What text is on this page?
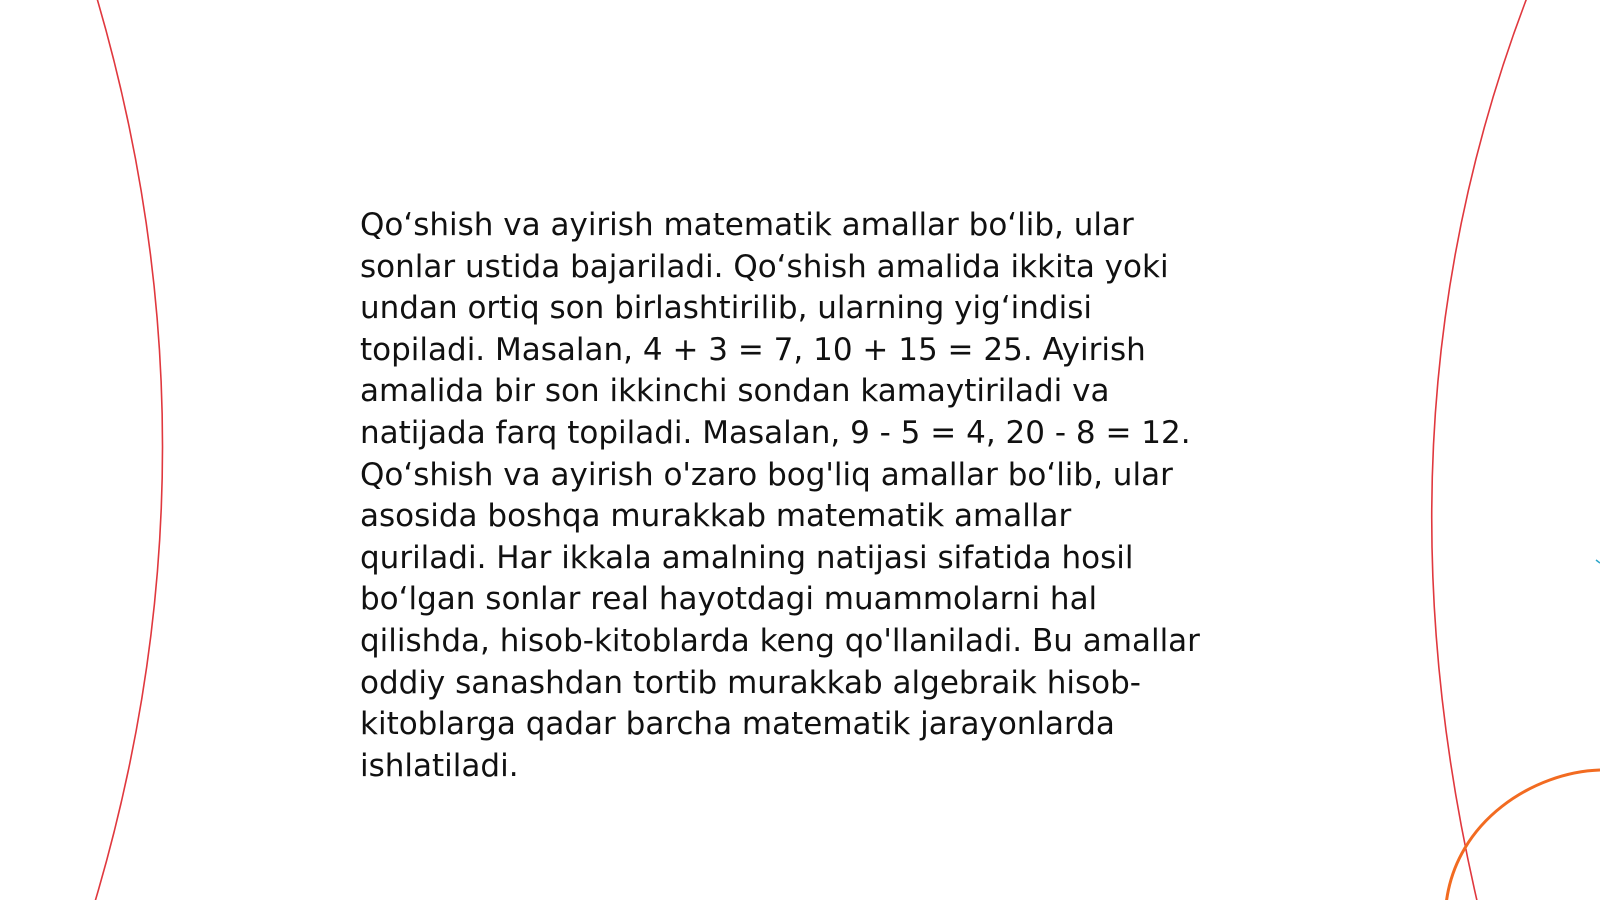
Qo‘shish va ayirish matematik amallar bo‘lib, ular
sonlar ustida bajariladi. Qo‘shish amalida ikkita yoki
undan ortiq son birlashtirilib, ularning yig‘indisi
topiladi. Masalan, 4 + 3 = 7, 10 + 15 = 25. Ayirish
amalida bir son ikkinchi sondan kamaytiriladi va
natijada farq topiladi. Masalan, 9 - 5 = 4, 20 - 8 = 12.
Qo‘shish va ayirish o'zaro bog'liq amallar bo‘lib, ular
asosida boshqa murakkab matematik amallar
quriladi. Har ikkala amalning natijasi sifatida hosil
bo‘lgan sonlar real hayotdagi muammolarni hal
qilishda, hisob-kitoblarda keng qo'llaniladi. Bu amallar
oddiy sanashdan tortib murakkab algebraik hisob-
kitoblarga qadar barcha matematik jarayonlarda
ishlatiladi.
